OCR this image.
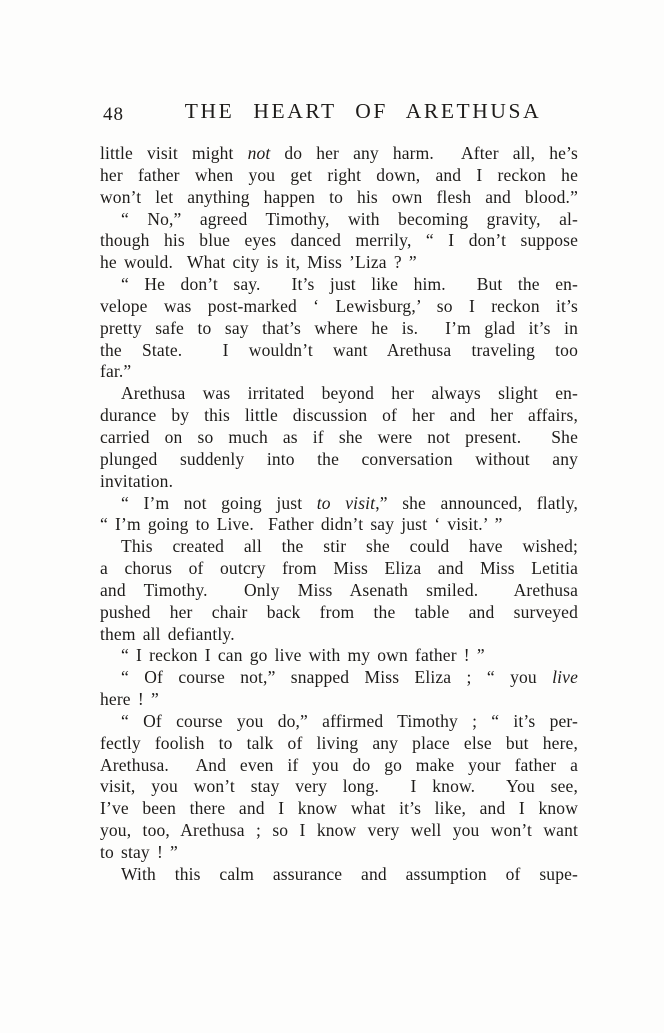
48	THE HEART OF ARETHUSA
little visit might not do her any harm.  After all, he’s
her father when you get right down, and I reckon he
won’t let anything happen to his own flesh and blood.”
“ No,” agreed Timothy, with becoming gravity, al-
though his blue eyes danced merrily, “ I don’t suppose
he would.  What city is it, Miss ’Liza ? ”
“ He don’t say.  It’s just like him.  But the en-
velope was post-marked ‘ Lewisburg,’ so I reckon it’s
pretty safe to say that’s where he is.  I’m glad it’s in
the State.  I wouldn’t want Arethusa traveling too
far.”
Arethusa was irritated beyond her always slight en-
durance by this little discussion of her and her affairs,
carried on so much as if she were not present.  She
plunged suddenly into the conversation without any
invitation.
“ I’m not going just to visit,” she announced, flatly,
“ I’m going to Live.  Father didn’t say just ‘ visit.’ ”
This created all the stir she could have wished;
a chorus of outcry from Miss Eliza and Miss Letitia
and Timothy.  Only Miss Asenath smiled.  Arethusa
pushed her chair back from the table and surveyed
them all defiantly.
“ I reckon I can go live with my own father ! ”
“ Of course not,” snapped Miss Eliza ; “ you live
here ! ”
“ Of course you do,” affirmed Timothy ; “ it’s per-
fectly foolish to talk of living any place else but here,
Arethusa.  And even if you do go make your father a
visit, you won’t stay very long.  I know.  You see,
I’ve been there and I know what it’s like, and I know
you, too, Arethusa ; so I know very well you won’t want
to stay ! ”
With this calm assurance and assumption of supe-
